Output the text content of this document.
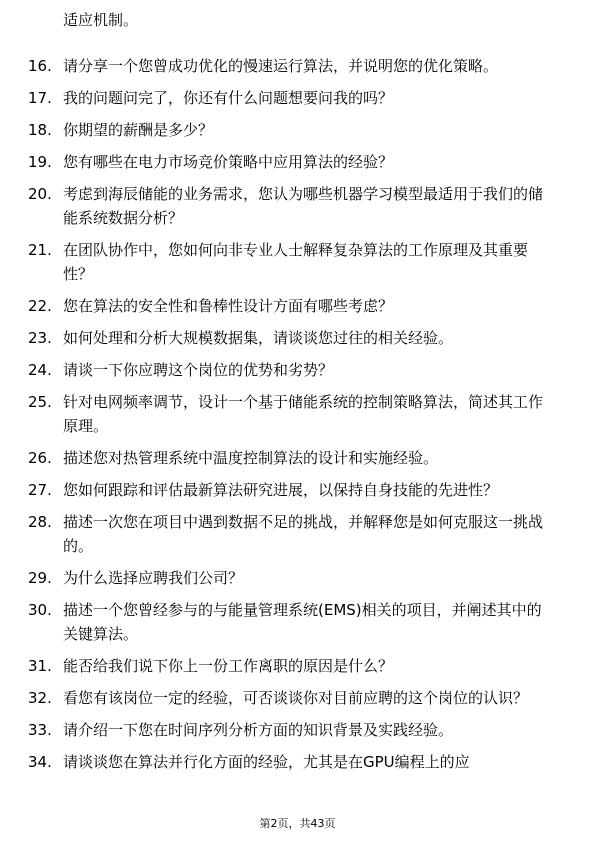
适应机制。
16. 请分享一个您曾成功优化的慢速运行算法，并说明您的优化策略。
17. 我的问题问完了，你还有什么问题想要问我的吗？
18. 你期望的薪酬是多少？
19. 您有哪些在电力市场竞价策略中应用算法的经验？
20. 考虑到海辰储能的业务需求，您认为哪些机器学习模型最适用于我们的储能系统数据分析？
21. 在团队协作中，您如何向非专业人士解释复杂算法的工作原理及其重要性？
22. 您在算法的安全性和鲁棒性设计方面有哪些考虑？
23. 如何处理和分析大规模数据集，请谈谈您过往的相关经验。
24. 请谈一下你应聘这个岗位的优势和劣势？
25. 针对电网频率调节，设计一个基于储能系统的控制策略算法，简述其工作原理。
26. 描述您对热管理系统中温度控制算法的设计和实施经验。
27. 您如何跟踪和评估最新算法研究进展，以保持自身技能的先进性？
28. 描述一次您在项目中遇到数据不足的挑战，并解释您是如何克服这一挑战的。
29. 为什么选择应聘我们公司？
30. 描述一个您曾经参与的与能量管理系统(EMS)相关的项目，并阐述其中的关键算法。
31. 能否给我们说下你上一份工作离职的原因是什么？
32. 看您有该岗位一定的经验，可否谈谈你对目前应聘的这个岗位的认识？
33. 请介绍一下您在时间序列分析方面的知识背景及实践经验。
34. 请谈谈您在算法并行化方面的经验，尤其是在GPU编程上的应
第2页，共43页
